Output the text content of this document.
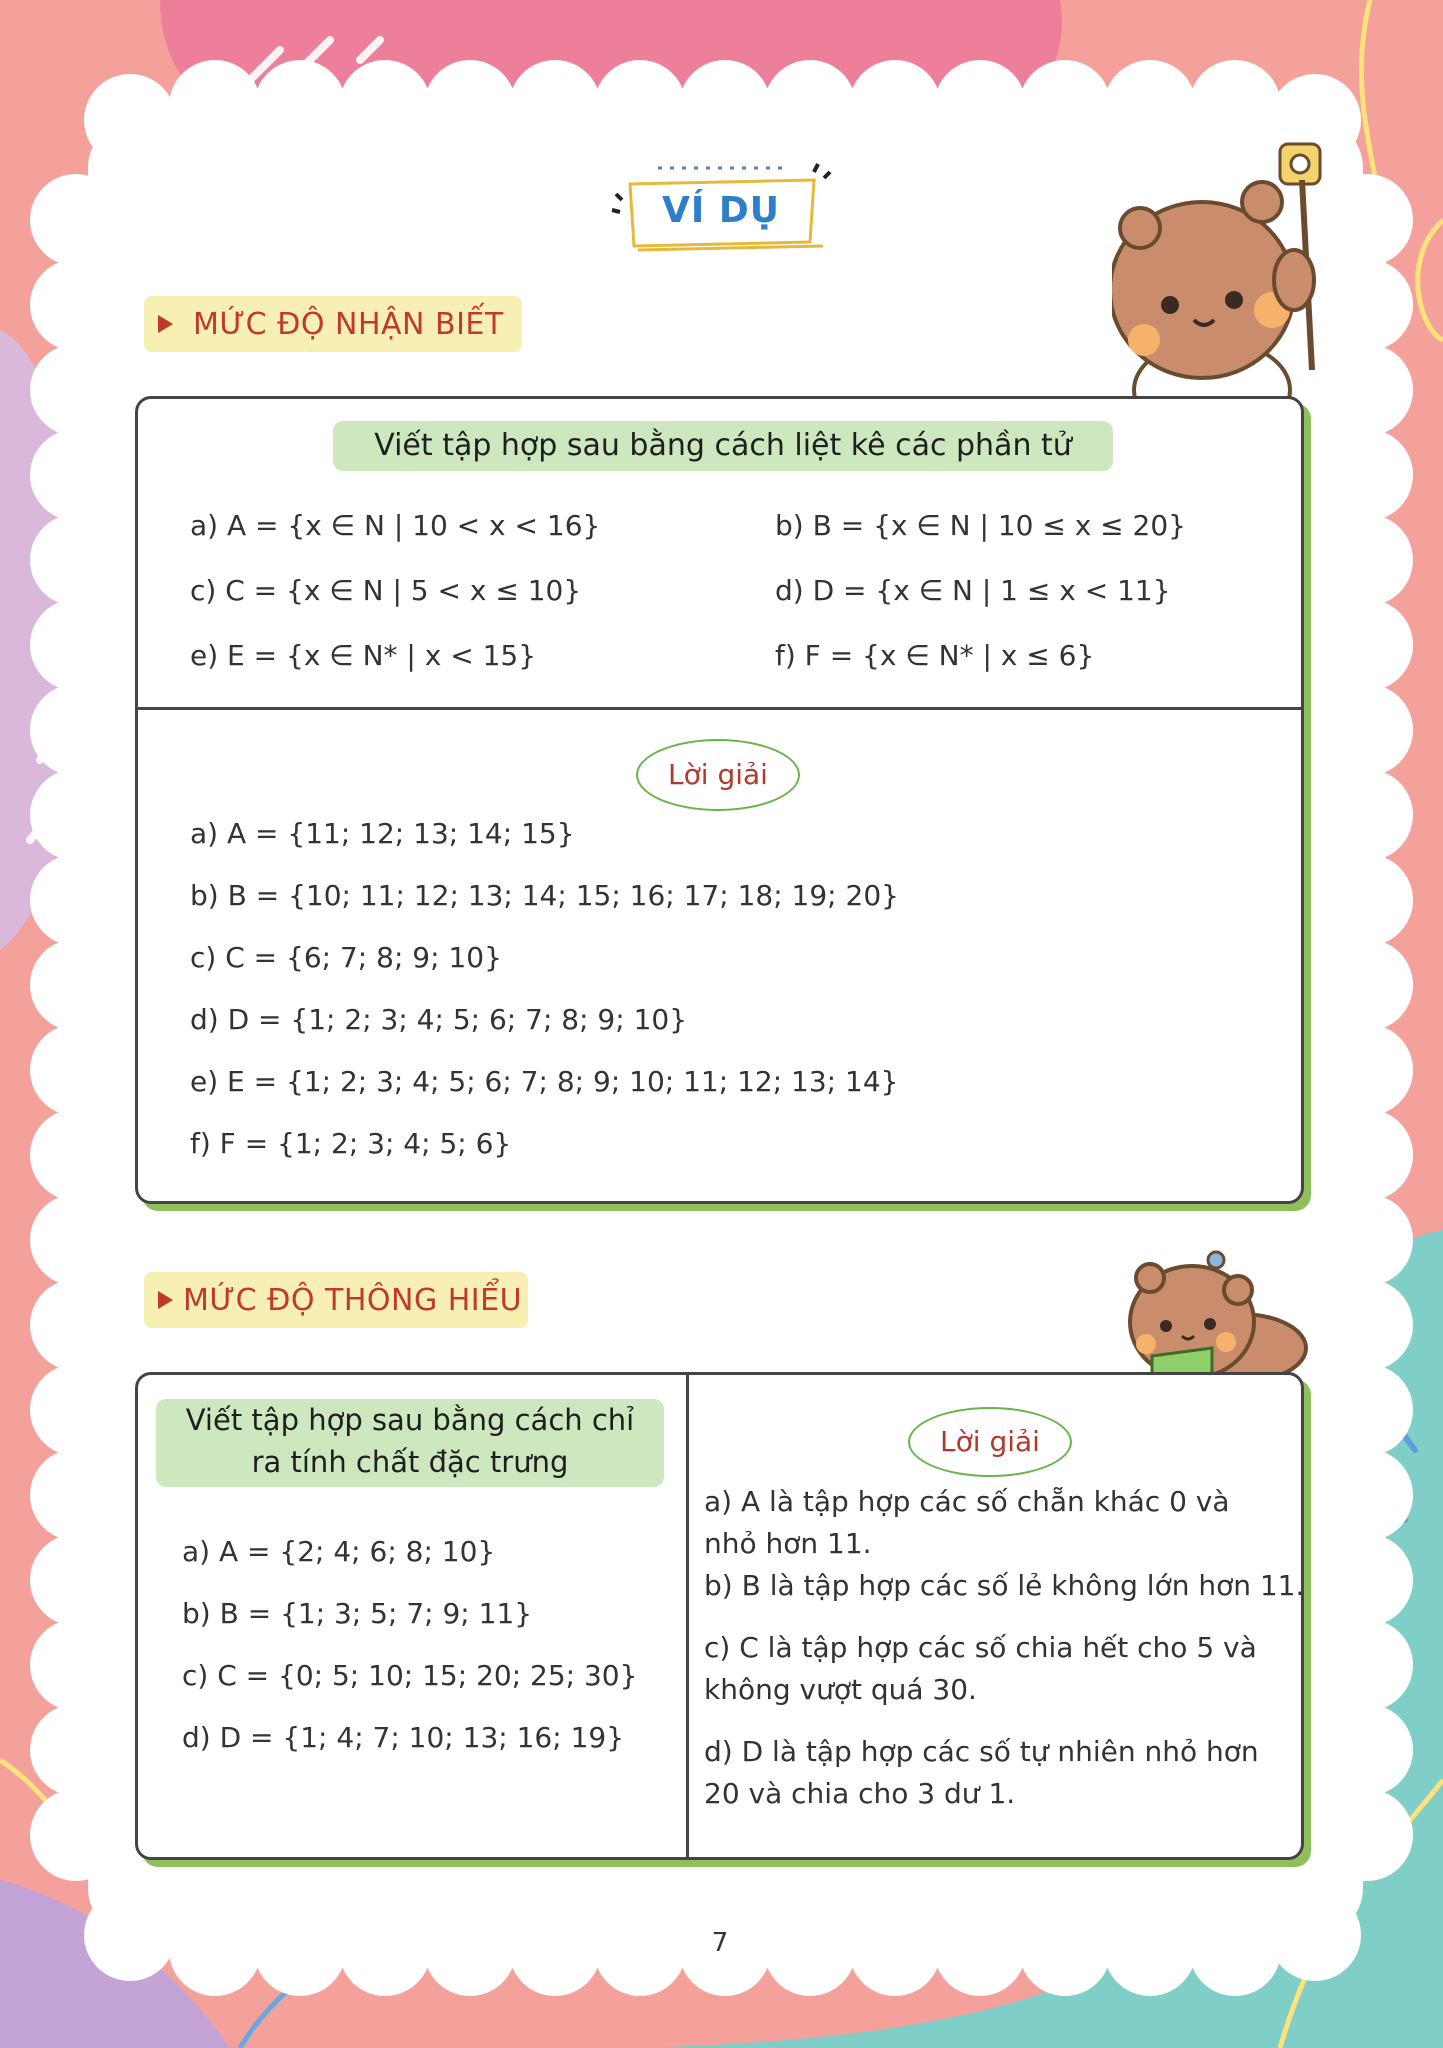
VÍ DỤ
MỨC ĐỘ NHẬN BIẾT
Viết tập hợp sau bằng cách liệt kê các phần tử
a) A = {x ∈ N | 10 < x < 16}	b) B = {x ∈ N | 10 ≤ x ≤ 20}
c) C = {x ∈ N | 5 < x ≤ 10}	d) D = {x ∈ N | 1 ≤ x < 11}
e) E = {x ∈ N* | x < 15}	f) F = {x ∈ N* | x ≤ 6}
Lời giải
a) A = {11; 12; 13; 14; 15}
b) B = {10; 11; 12; 13; 14; 15; 16; 17; 18; 19; 20}
c) C = {6; 7; 8; 9; 10}
d) D = {1; 2; 3; 4; 5; 6; 7; 8; 9; 10}
e) E = {1; 2; 3; 4; 5; 6; 7; 8; 9; 10; 11; 12; 13; 14}
f) F = {1; 2; 3; 4; 5; 6}
MỨC ĐỘ THÔNG HIỂU
Viết tập hợp sau bằng cách chỉ
ra tính chất đặc trưng
a) A = {2; 4; 6; 8; 10}
b) B = {1; 3; 5; 7; 9; 11}
c) C = {0; 5; 10; 15; 20; 25; 30}
d) D = {1; 4; 7; 10; 13; 16; 19}
Lời giải
a) A là tập hợp các số chẵn khác 0 và nhỏ hơn 11.
b) B là tập hợp các số lẻ không lớn hơn 11.
c) C là tập hợp các số chia hết cho 5 và không vượt quá 30.
d) D là tập hợp các số tự nhiên nhỏ hơn 20 và chia cho 3 dư 1.
7
